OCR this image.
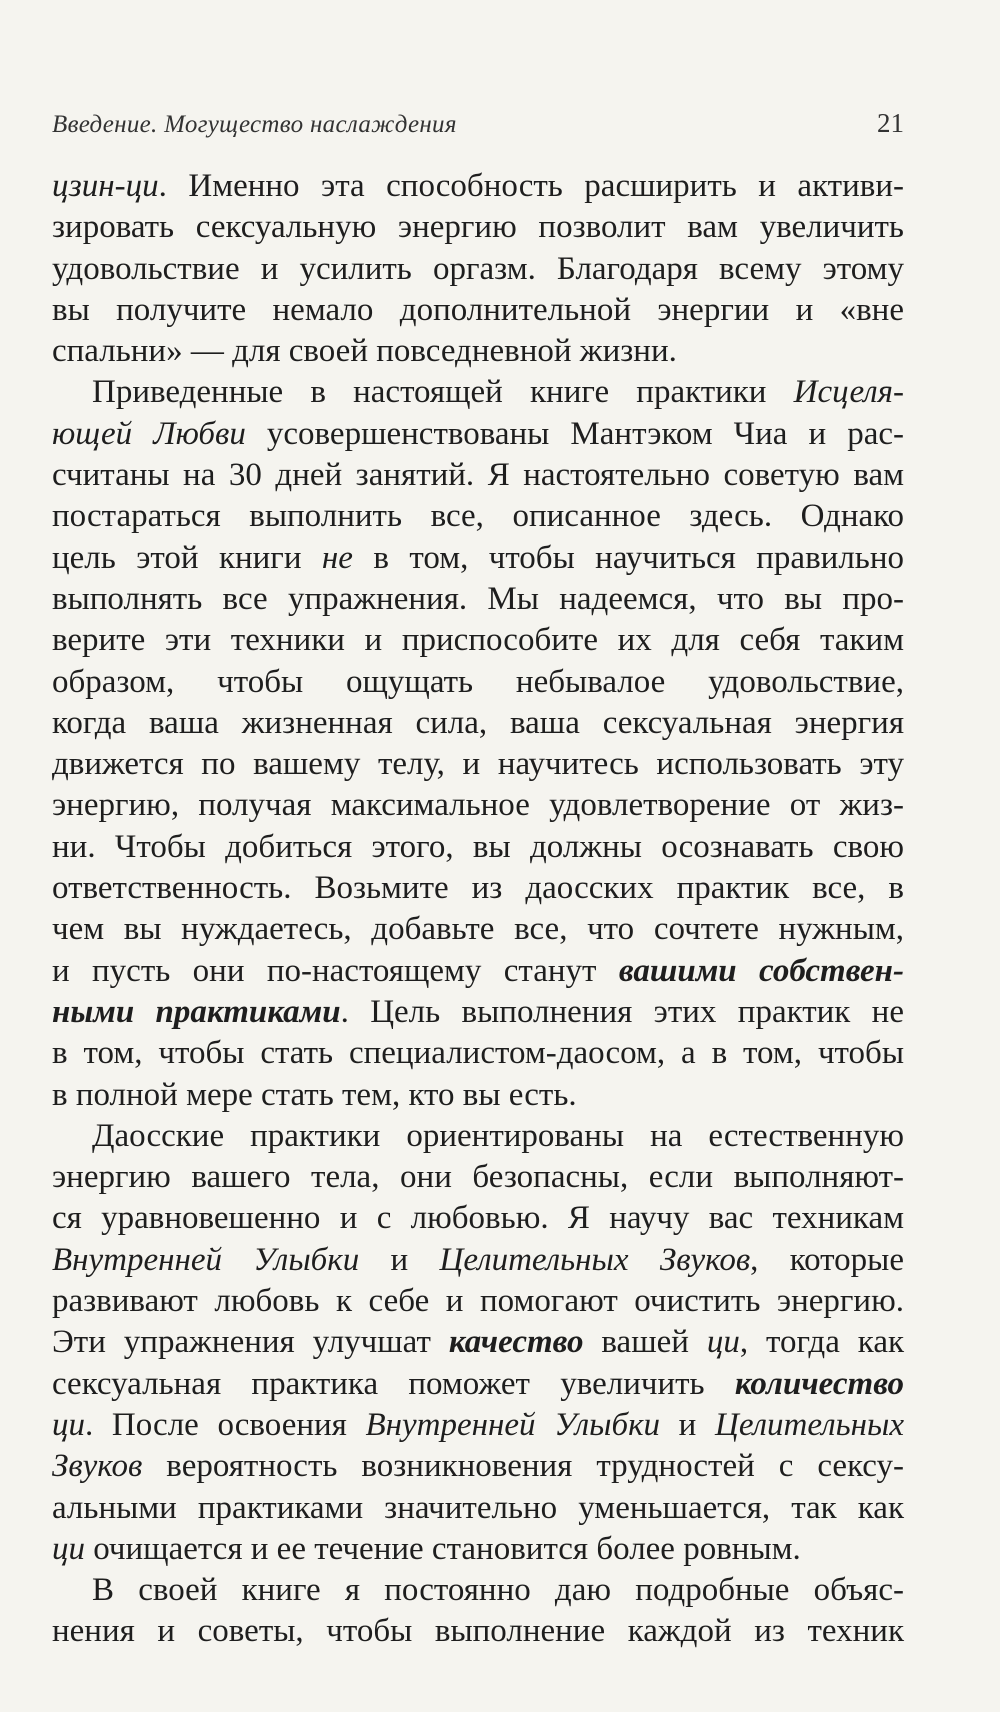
Введение. Могущество наслаждения	21
цзин-ци. Именно эта способность расширить и активи-
зировать сексуальную энергию позволит вам увеличить
удовольствие и усилить оргазм. Благодаря всему этому
вы получите немало дополнительной энергии и «вне
спальни» — для своей повседневной жизни.
Приведенные в настоящей книге практики Исцеля-
ющей Любви усовершенствованы Мантэком Чиа и рас-
считаны на 30 дней занятий. Я настоятельно советую вам
постараться выполнить все, описанное здесь. Однако
цель этой книги не в том, чтобы научиться правильно
выполнять все упражнения. Мы надеемся, что вы про-
верите эти техники и приспособите их для себя таким
образом, чтобы ощущать небывалое удовольствие,
когда ваша жизненная сила, ваша сексуальная энергия
движется по вашему телу, и научитесь использовать эту
энергию, получая максимальное удовлетворение от жиз-
ни. Чтобы добиться этого, вы должны осознавать свою
ответственность. Возьмите из даосских практик все, в
чем вы нуждаетесь, добавьте все, что сочтете нужным,
и пусть они по-настоящему станут вашими собствен-
ными практиками. Цель выполнения этих практик не
в том, чтобы стать специалистом-даосом, а в том, чтобы
в полной мере стать тем, кто вы есть.
Даосские практики ориентированы на естественную
энергию вашего тела, они безопасны, если выполняют-
ся уравновешенно и с любовью. Я научу вас техникам
Внутренней Улыбки и Целительных Звуков, которые
развивают любовь к себе и помогают очистить энергию.
Эти упражнения улучшат качество вашей ци, тогда как
сексуальная практика поможет увеличить количество
ци. После освоения Внутренней Улыбки и Целительных
Звуков вероятность возникновения трудностей с сексу-
альными практиками значительно уменьшается, так как
ци очищается и ее течение становится более ровным.
В своей книге я постоянно даю подробные объяс-
нения и советы, чтобы выполнение каждой из техник
